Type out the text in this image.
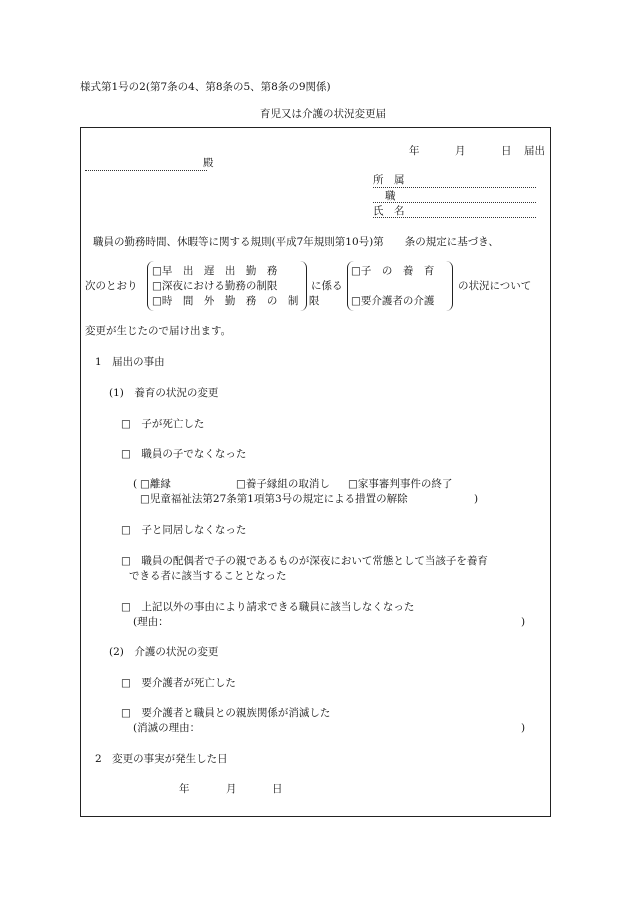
様式第1号の2(第7条の4、第8条の5、第8条の9関係)
育児又は介護の状況変更届
年	月	日 届出
殿
所　属
職
氏　名
職員の勤務時間、休暇等に関する規則(平成7年規則第10号)第　　条の規定に基づき、
次のとおり
□早　出　遅　出　勤　務
□深夜における勤務の制限
□時　間　外　勤　務　の　制　限
に係る
□子　の　養　育
□要介護者の介護
の状況について
変更が生じたので届け出ます。
1　届出の事由
(1)　養育の状況の変更
□　子が死亡した
□　職員の子でなくなった
( □離縁	□養子縁組の取消し □家事審判事件の終了
□児童福祉法第27条第1項第3号の規定による措置の解除	)
□　子と同居しなくなった
□　職員の配偶者で子の親であるものが深夜において常態として当該子を養育
できる者に該当することとなった
□　上記以外の事由により請求できる職員に該当しなくなった
(理由：	)
(2)　介護の状況の変更
□　要介護者が死亡した
□　要介護者と職員との親族関係が消滅した
(消滅の理由：	)
2　変更の事実が発生した日
年	月	日
